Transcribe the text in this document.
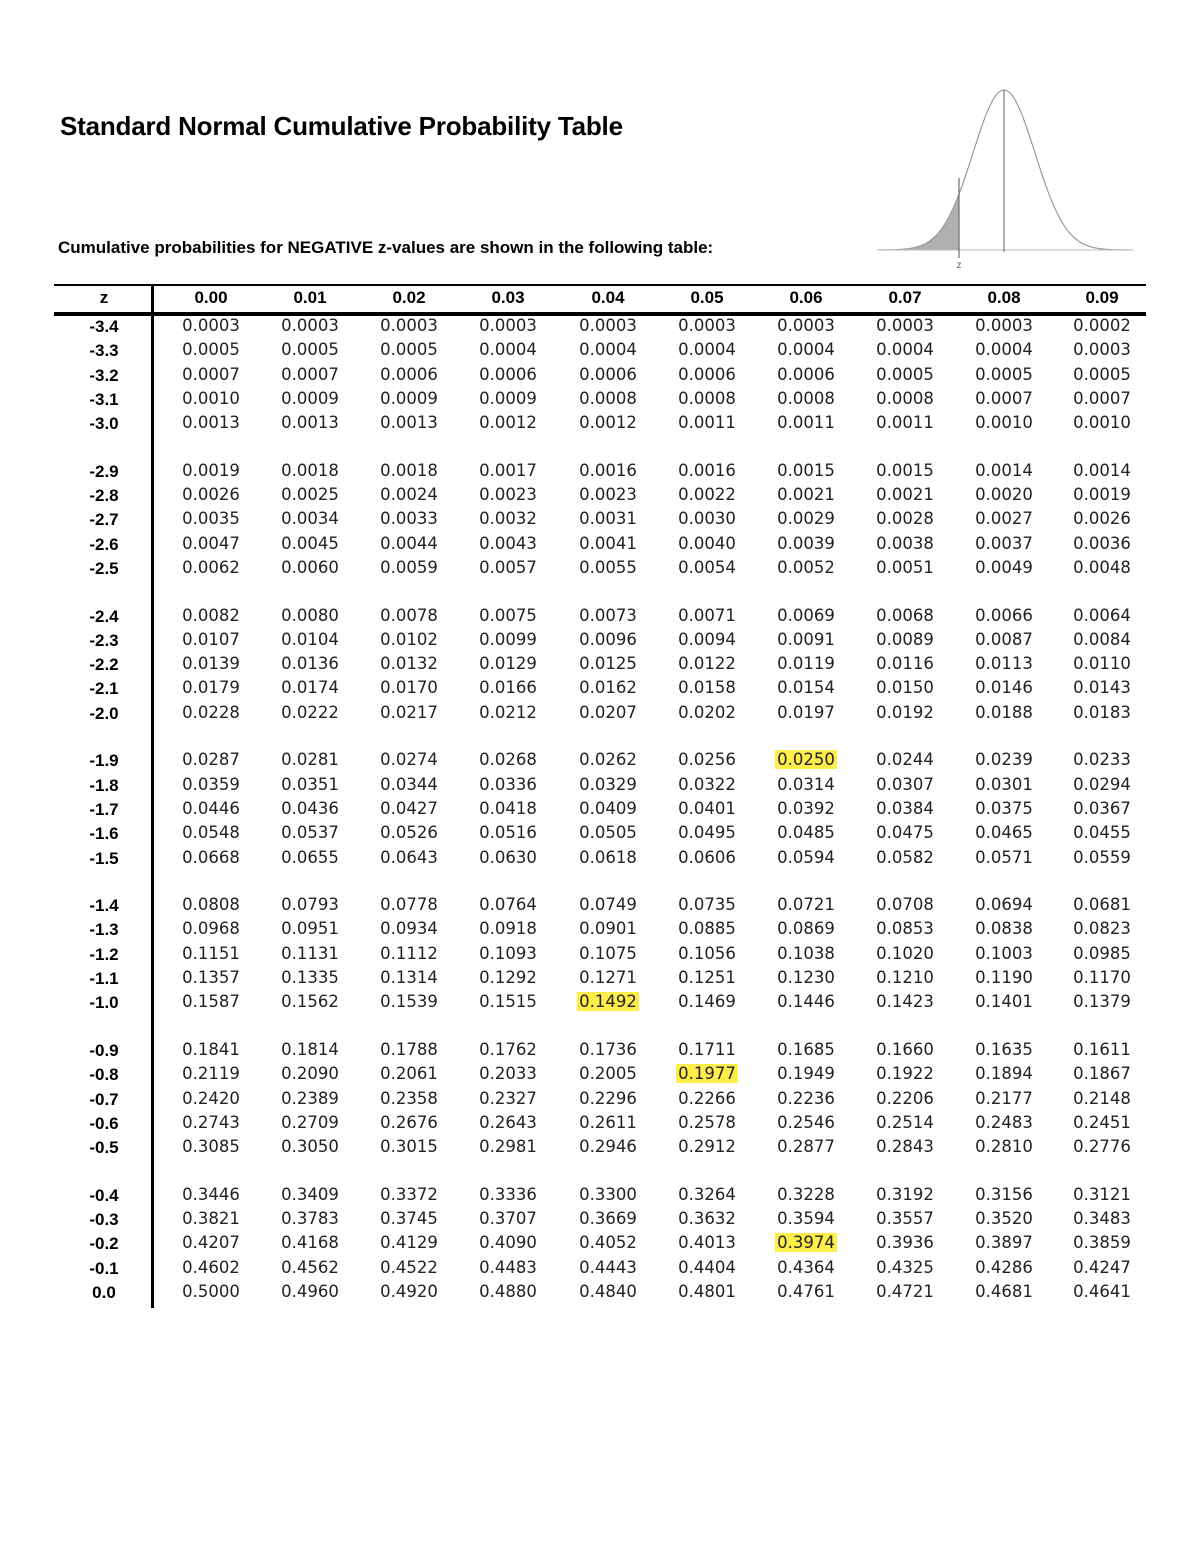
Standard Normal Cumulative Probability Table
Cumulative probabilities for NEGATIVE z-values are shown in the following table:
z
z	0.00	0.01	0.02	0.03	0.04	0.05	0.06	0.07	0.08	0.09
-3.4	0.0003	0.0003	0.0003	0.0003	0.0003	0.0003	0.0003	0.0003	0.0003	0.0002
-3.3	0.0005	0.0005	0.0005	0.0004	0.0004	0.0004	0.0004	0.0004	0.0004	0.0003
-3.2	0.0007	0.0007	0.0006	0.0006	0.0006	0.0006	0.0006	0.0005	0.0005	0.0005
-3.1	0.0010	0.0009	0.0009	0.0009	0.0008	0.0008	0.0008	0.0008	0.0007	0.0007
-3.0	0.0013	0.0013	0.0013	0.0012	0.0012	0.0011	0.0011	0.0011	0.0010	0.0010
-2.9	0.0019	0.0018	0.0018	0.0017	0.0016	0.0016	0.0015	0.0015	0.0014	0.0014
-2.8	0.0026	0.0025	0.0024	0.0023	0.0023	0.0022	0.0021	0.0021	0.0020	0.0019
-2.7	0.0035	0.0034	0.0033	0.0032	0.0031	0.0030	0.0029	0.0028	0.0027	0.0026
-2.6	0.0047	0.0045	0.0044	0.0043	0.0041	0.0040	0.0039	0.0038	0.0037	0.0036
-2.5	0.0062	0.0060	0.0059	0.0057	0.0055	0.0054	0.0052	0.0051	0.0049	0.0048
-2.4	0.0082	0.0080	0.0078	0.0075	0.0073	0.0071	0.0069	0.0068	0.0066	0.0064
-2.3	0.0107	0.0104	0.0102	0.0099	0.0096	0.0094	0.0091	0.0089	0.0087	0.0084
-2.2	0.0139	0.0136	0.0132	0.0129	0.0125	0.0122	0.0119	0.0116	0.0113	0.0110
-2.1	0.0179	0.0174	0.0170	0.0166	0.0162	0.0158	0.0154	0.0150	0.0146	0.0143
-2.0	0.0228	0.0222	0.0217	0.0212	0.0207	0.0202	0.0197	0.0192	0.0188	0.0183
-1.9	0.0287	0.0281	0.0274	0.0268	0.0262	0.0256	0.0250	0.0244	0.0239	0.0233
-1.8	0.0359	0.0351	0.0344	0.0336	0.0329	0.0322	0.0314	0.0307	0.0301	0.0294
-1.7	0.0446	0.0436	0.0427	0.0418	0.0409	0.0401	0.0392	0.0384	0.0375	0.0367
-1.6	0.0548	0.0537	0.0526	0.0516	0.0505	0.0495	0.0485	0.0475	0.0465	0.0455
-1.5	0.0668	0.0655	0.0643	0.0630	0.0618	0.0606	0.0594	0.0582	0.0571	0.0559
-1.4	0.0808	0.0793	0.0778	0.0764	0.0749	0.0735	0.0721	0.0708	0.0694	0.0681
-1.3	0.0968	0.0951	0.0934	0.0918	0.0901	0.0885	0.0869	0.0853	0.0838	0.0823
-1.2	0.1151	0.1131	0.1112	0.1093	0.1075	0.1056	0.1038	0.1020	0.1003	0.0985
-1.1	0.1357	0.1335	0.1314	0.1292	0.1271	0.1251	0.1230	0.1210	0.1190	0.1170
-1.0	0.1587	0.1562	0.1539	0.1515	0.1492	0.1469	0.1446	0.1423	0.1401	0.1379
-0.9	0.1841	0.1814	0.1788	0.1762	0.1736	0.1711	0.1685	0.1660	0.1635	0.1611
-0.8	0.2119	0.2090	0.2061	0.2033	0.2005	0.1977	0.1949	0.1922	0.1894	0.1867
-0.7	0.2420	0.2389	0.2358	0.2327	0.2296	0.2266	0.2236	0.2206	0.2177	0.2148
-0.6	0.2743	0.2709	0.2676	0.2643	0.2611	0.2578	0.2546	0.2514	0.2483	0.2451
-0.5	0.3085	0.3050	0.3015	0.2981	0.2946	0.2912	0.2877	0.2843	0.2810	0.2776
-0.4	0.3446	0.3409	0.3372	0.3336	0.3300	0.3264	0.3228	0.3192	0.3156	0.3121
-0.3	0.3821	0.3783	0.3745	0.3707	0.3669	0.3632	0.3594	0.3557	0.3520	0.3483
-0.2	0.4207	0.4168	0.4129	0.4090	0.4052	0.4013	0.3974	0.3936	0.3897	0.3859
-0.1	0.4602	0.4562	0.4522	0.4483	0.4443	0.4404	0.4364	0.4325	0.4286	0.4247
0.0	0.5000	0.4960	0.4920	0.4880	0.4840	0.4801	0.4761	0.4721	0.4681	0.4641
